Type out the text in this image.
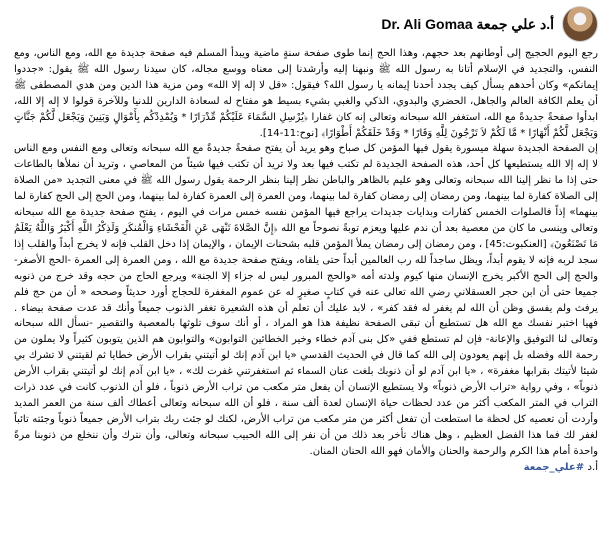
Dr. Ali Gomaa أ.د علي جمعة

رجع اليوم الحجيج إلى أوطانهم بعد حجهم، وهذا الحج إنما طوى صفحة سنةٍ ماضية ويبدأ المسلم فيه صفحة جديدة مع الله، ومع الناس، ومع النفس، والتجديد في الإسلام أتانا به رسول الله ﷺ ونبهنا إليه وأرشدنا إلى معناه ووسع مجاله، كان سيدنا رسول الله ﷺ يقول: «جددوا إيمانكم» وكان أحدهم يسأل كيف يجدد أحدنا إيمانه يا رسول الله؟ فيقول: «قل لا إله إلا الله» ومن مزية هذا الدين ومن هدي المصطفى ﷺ أن يعلم الكافة العالم والجاهل، الحضري والبدوي، الذكي والغبي بشيء بسيط هو مفتاح له لسعادة الدارين للدنيا وللآخرة قولوا لا إله إلا الله، ابدأوا صفحةً جديدةً مع الله، استغفر الله سبحانه وتعالى إنه كان غفارا ﴿يُرْسِلِ السَّمَاءَ عَلَيْكُمْ مِّدْرَارًا * وَيُمْدِدْكُم بِأَمْوَالٍ وَبَنِينَ وَيَجْعَل لَّكُمْ جَنَّاتٍ وَيَجْعَل لَّكُمْ أَنْهَارًا * مَّا لَكُمْ لاَ تَرْجُونَ لِلَّهِ وَقَارًا * وَقَدْ خَلَقَكُمْ أَطْوَارًا﴾ [نوح:11-14].

إن الصفحة الجديدة سهلة ميسورة يقول فيها المؤمن كل صباح وهو يريد أن يفتح صفحةً جديدةً مع الله سبحانه وتعالى ومع النفس ومع الناس لا إله إلا الله يستطيعها كل أحد، هذه الصفحة الجديدة لم تكتب فيها بعد ولا تريد أن تكتب فيها شيئاً من المعاصي ، وتريد أن نملأها بالطاعات حتى إذا ما نظر إلينا الله سبحانه وتعالى وهو عليم بالظاهر والباطن نظر إلينا بنظر الرحمة يقول رسول الله ﷺ في معنى التجديد «من الصلاة إلى الصلاة كفارة لما بينهما، ومن رمضان إلى رمضان كفارة لما بينهما، ومن العمرة إلى العمرة كفارة لما بينهما، ومن الحج إلى الحج كفارة لما بينهما» إذاً فالصلوات الخمس كفارات وبدايات جديدات يراجع فيها المؤمن نفسه خمس مرات في اليوم ، يفتح صفحة جديدة مع الله سبحانه وتعالى وينسى ما كان من معصية بعد أن ندم عليها ويعزم توبةً نصوحاً مع الله ﴿إِنَّ الصَّلاةَ تَنْهَى عَنِ الْفَحْشَاءِ وَالْمُنكَرِ وَلَذِكْرُ اللَّهِ أَكْبَرُ وَاللَّهُ يَعْلَمُ مَا تَصْنَعُونَ﴾ [العنكبوت:45] ، ومن رمضان إلى رمضان يملأ المؤمن قلبه بشحنات الإيمان ، والإيمان إذا دخل القلب فإنه لا يخرج أبداً والقلب إذا سجد لربه فإنه لا يقوم أبداً، ويظل ساجداً لله رب العالمين أبداً حتى يلقاه، ويفتح صفحة جديدة مع الله ، ومن العمرة إلى العمرة -الحج الأصغر- والحج إلى الحج الأكبر يخرج الإنسان منها كيوم ولدته أمه «والحج المبرور ليس له جزاء إلا الجنة» ويرجع الحاج من حجه وقد خرج من ذنوبه جميعا حتى أن ابن حجر العسقلاني رضي الله تعالى عنه في كتابٍ صغيرٍ له عن عموم المغفرة للحجاج أورد حديثاً وصححه « أن من حج فلم يرفث ولم يفسق وظن أن الله لم يغفر له فقد كفر» ، لابد عليك أن تعلم أن هذه الشعيرة تغفر الذنوب جميعاً وأنك قد عدت صفحة بيضاء . فهيا اختبر نفسك مع الله هل تستطيع أن تبقى الصفحة نظيفة هذا هو المراد ، أو أنك سوف تلوثها بالمعصية والتقصير -نسأل الله سبحانه وتعالى لنا التوفيق والإعانة- فإن لم تستطع ففي «كل بنى آدم خطاء وخير الخطائين التوابون» والتوابون هم الذين يتوبون كثيراً ولا يملون من رحمة الله وفضله بل إنهم يعودون إلى الله كما قال في الحديث القدسي «يا ابن آدم إنك لو أتيتني بقراب الأرض خطايا ثم لقيتني لا تشرك بي شيئا لأتيتك بقرابها مغفرة» ، «يا ابن آدم لو أن ذنوبك بلغت عنان السماء ثم استغفرتني غفرت لك» ، «يا ابن آدم إنك لو أتيتني بقراب الأرض ذنوباً» ، وفي رواية «تراب الأرض ذنوباً» ولا يستطيع الإنسان أن يفعل متر مكعب من تراب الأرض ذنوباً ، فلو أن الذنوب كانت في عدد ذرات التراب في المتر المكعب أكثر من عدد لحظات حياة الإنسان لعدة ألف سنة ، فلو أن الله سبحانه وتعالى أعطاك ألف سنة من العمر المديد وأردت أن تعصيه كل لحظة ما استطعت أن تفعل أكثر من متر مكعب من تراب الأرض، لكنك لو جئت ربك بتراب الأرض جميعاً ذنوباً وجئته تائباً لغفر لك فما هذا الفضل العظيم ، وهل هناك تأخر بعد ذلك من أن نفر إلى الله الحبيب سبحانه وتعالى، وأن نترك وأن ننخلع من ذنوبنا مرةً واحدة أمام هذا الكرم والرحمة والحنان والأمان فهو الله الحنان المنان.

أ.د #علي_جمعة
